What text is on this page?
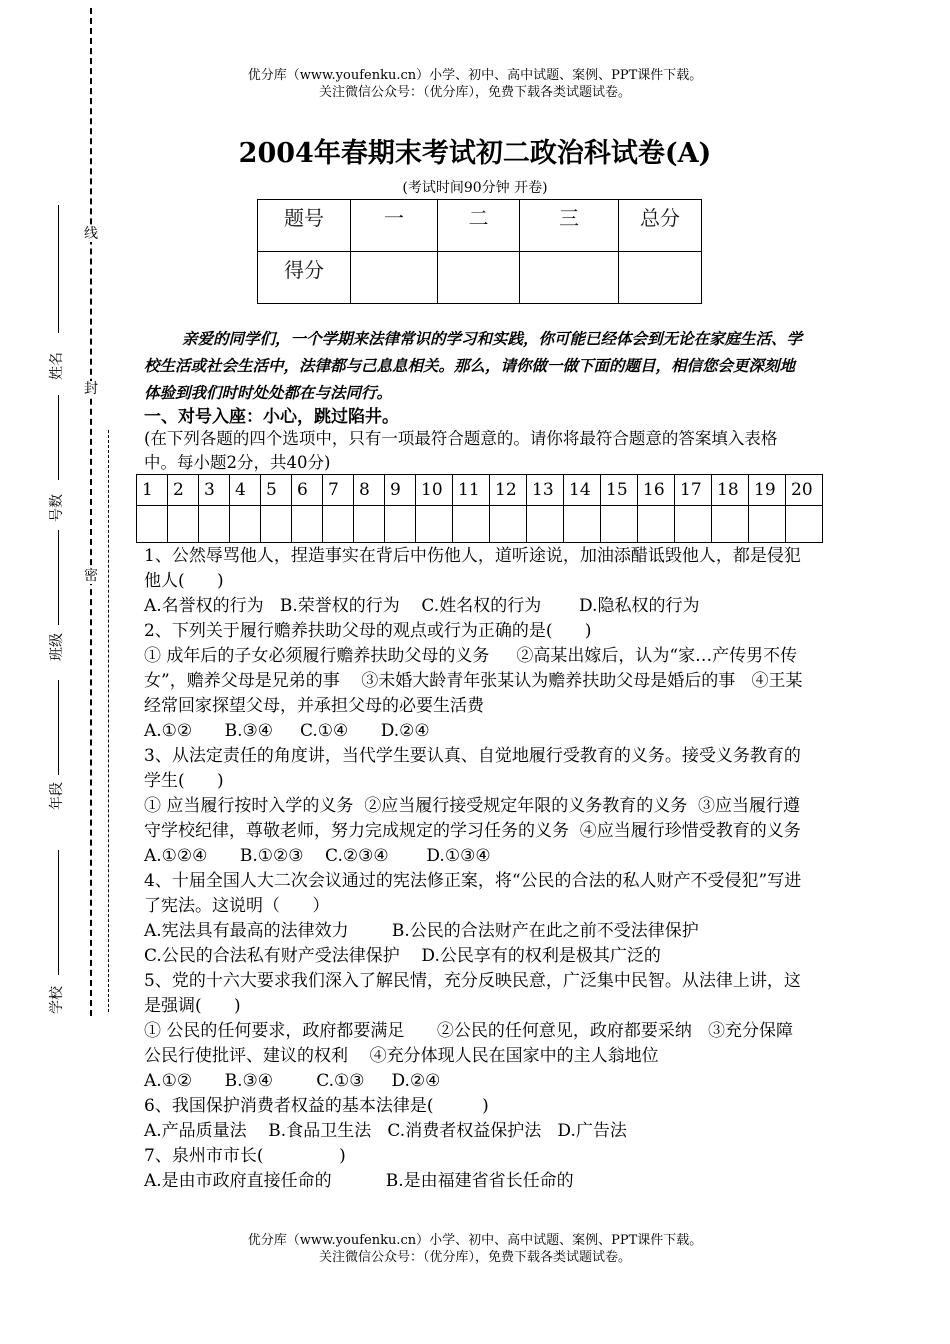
优分库（www.youfenku.cn）小学、初中、高中试题、案例、PPT课件下载。
关注微信公众号：（优分库），免费下载各类试题试卷。
线
封
密
姓名
号数
班级
年段
学校
2004年春期末考试初二政治科试卷(A)
(考试时间90分钟 开卷)
题号	一	二	三	总分
得分				
亲爱的同学们，一个学期来法律常识的学习和实践，你可能已经体会到无论在家庭生活、学校生活或社会生活中，法律都与己息息相关。那么，请你做一做下面的题目，相信您会更深刻地体验到我们时时处处都在与法同行。
一、对号入座：小心，跳过陷井。
(在下列各题的四个选项中，只有一项最符合题意的。请你将最符合题意的答案填入表格中。每小题2分，共40分)
1	2	3	4	5	6	7	8	9	10	11	12	13	14	15	16	17	18	19	20

1、公然辱骂他人，捏造事实在背后中伤他人，道听途说，加油添醋诋毁他人，都是侵犯他人(      )
A.名誉权的行为   B.荣誉权的行为    C.姓名权的行为       D.隐私权的行为
2、下列关于履行赡养扶助父母的观点或行为正确的是(      )
① 成年后的子女必须履行赡养扶助父母的义务     ②高某出嫁后，认为“家…产传男不传女”，赡养父母是兄弟的事    ③未婚大龄青年张某认为赡养扶助父母是婚后的事   ④王某经常回家探望父母，并承担父母的必要生活费
A.①②      B.③④     C.①④      D.②④
3、从法定责任的角度讲，当代学生要认真、自觉地履行受教育的义务。接受义务教育的学生(      )
① 应当履行按时入学的义务  ②应当履行接受规定年限的义务教育的义务  ③应当履行遵守学校纪律，尊敬老师，努力完成规定的学习任务的义务  ④应当履行珍惜受教育的义务
A.①②④      B.①②③    C.②③④       D.①③④
4、十届全国人大二次会议通过的宪法修正案，将“公民的合法的私人财产不受侵犯”写进了宪法。这说明（      ）
A.宪法具有最高的法律效力        B.公民的合法财产在此之前不受法律保护
C.公民的合法私有财产受法律保护    D.公民享有的权利是极其广泛的
5、党的十六大要求我们深入了解民情，充分反映民意，广泛集中民智。从法律上讲，这是强调(      )
① 公民的任何要求，政府都要满足      ②公民的任何意见，政府都要采纳   ③充分保障公民行使批评、建议的权利    ④充分体现人民在国家中的主人翁地位
A.①②      B.③④        C.①③     D.②④
6、我国保护消费者权益的基本法律是(         )
A.产品质量法    B.食品卫生法   C.消费者权益保护法   D.广告法
7、泉州市市长(              )
A.是由市政府直接任命的          B.是由福建省省长任命的
优分库（www.youfenku.cn）小学、初中、高中试题、案例、PPT课件下载。
关注微信公众号：（优分库），免费下载各类试题试卷。
